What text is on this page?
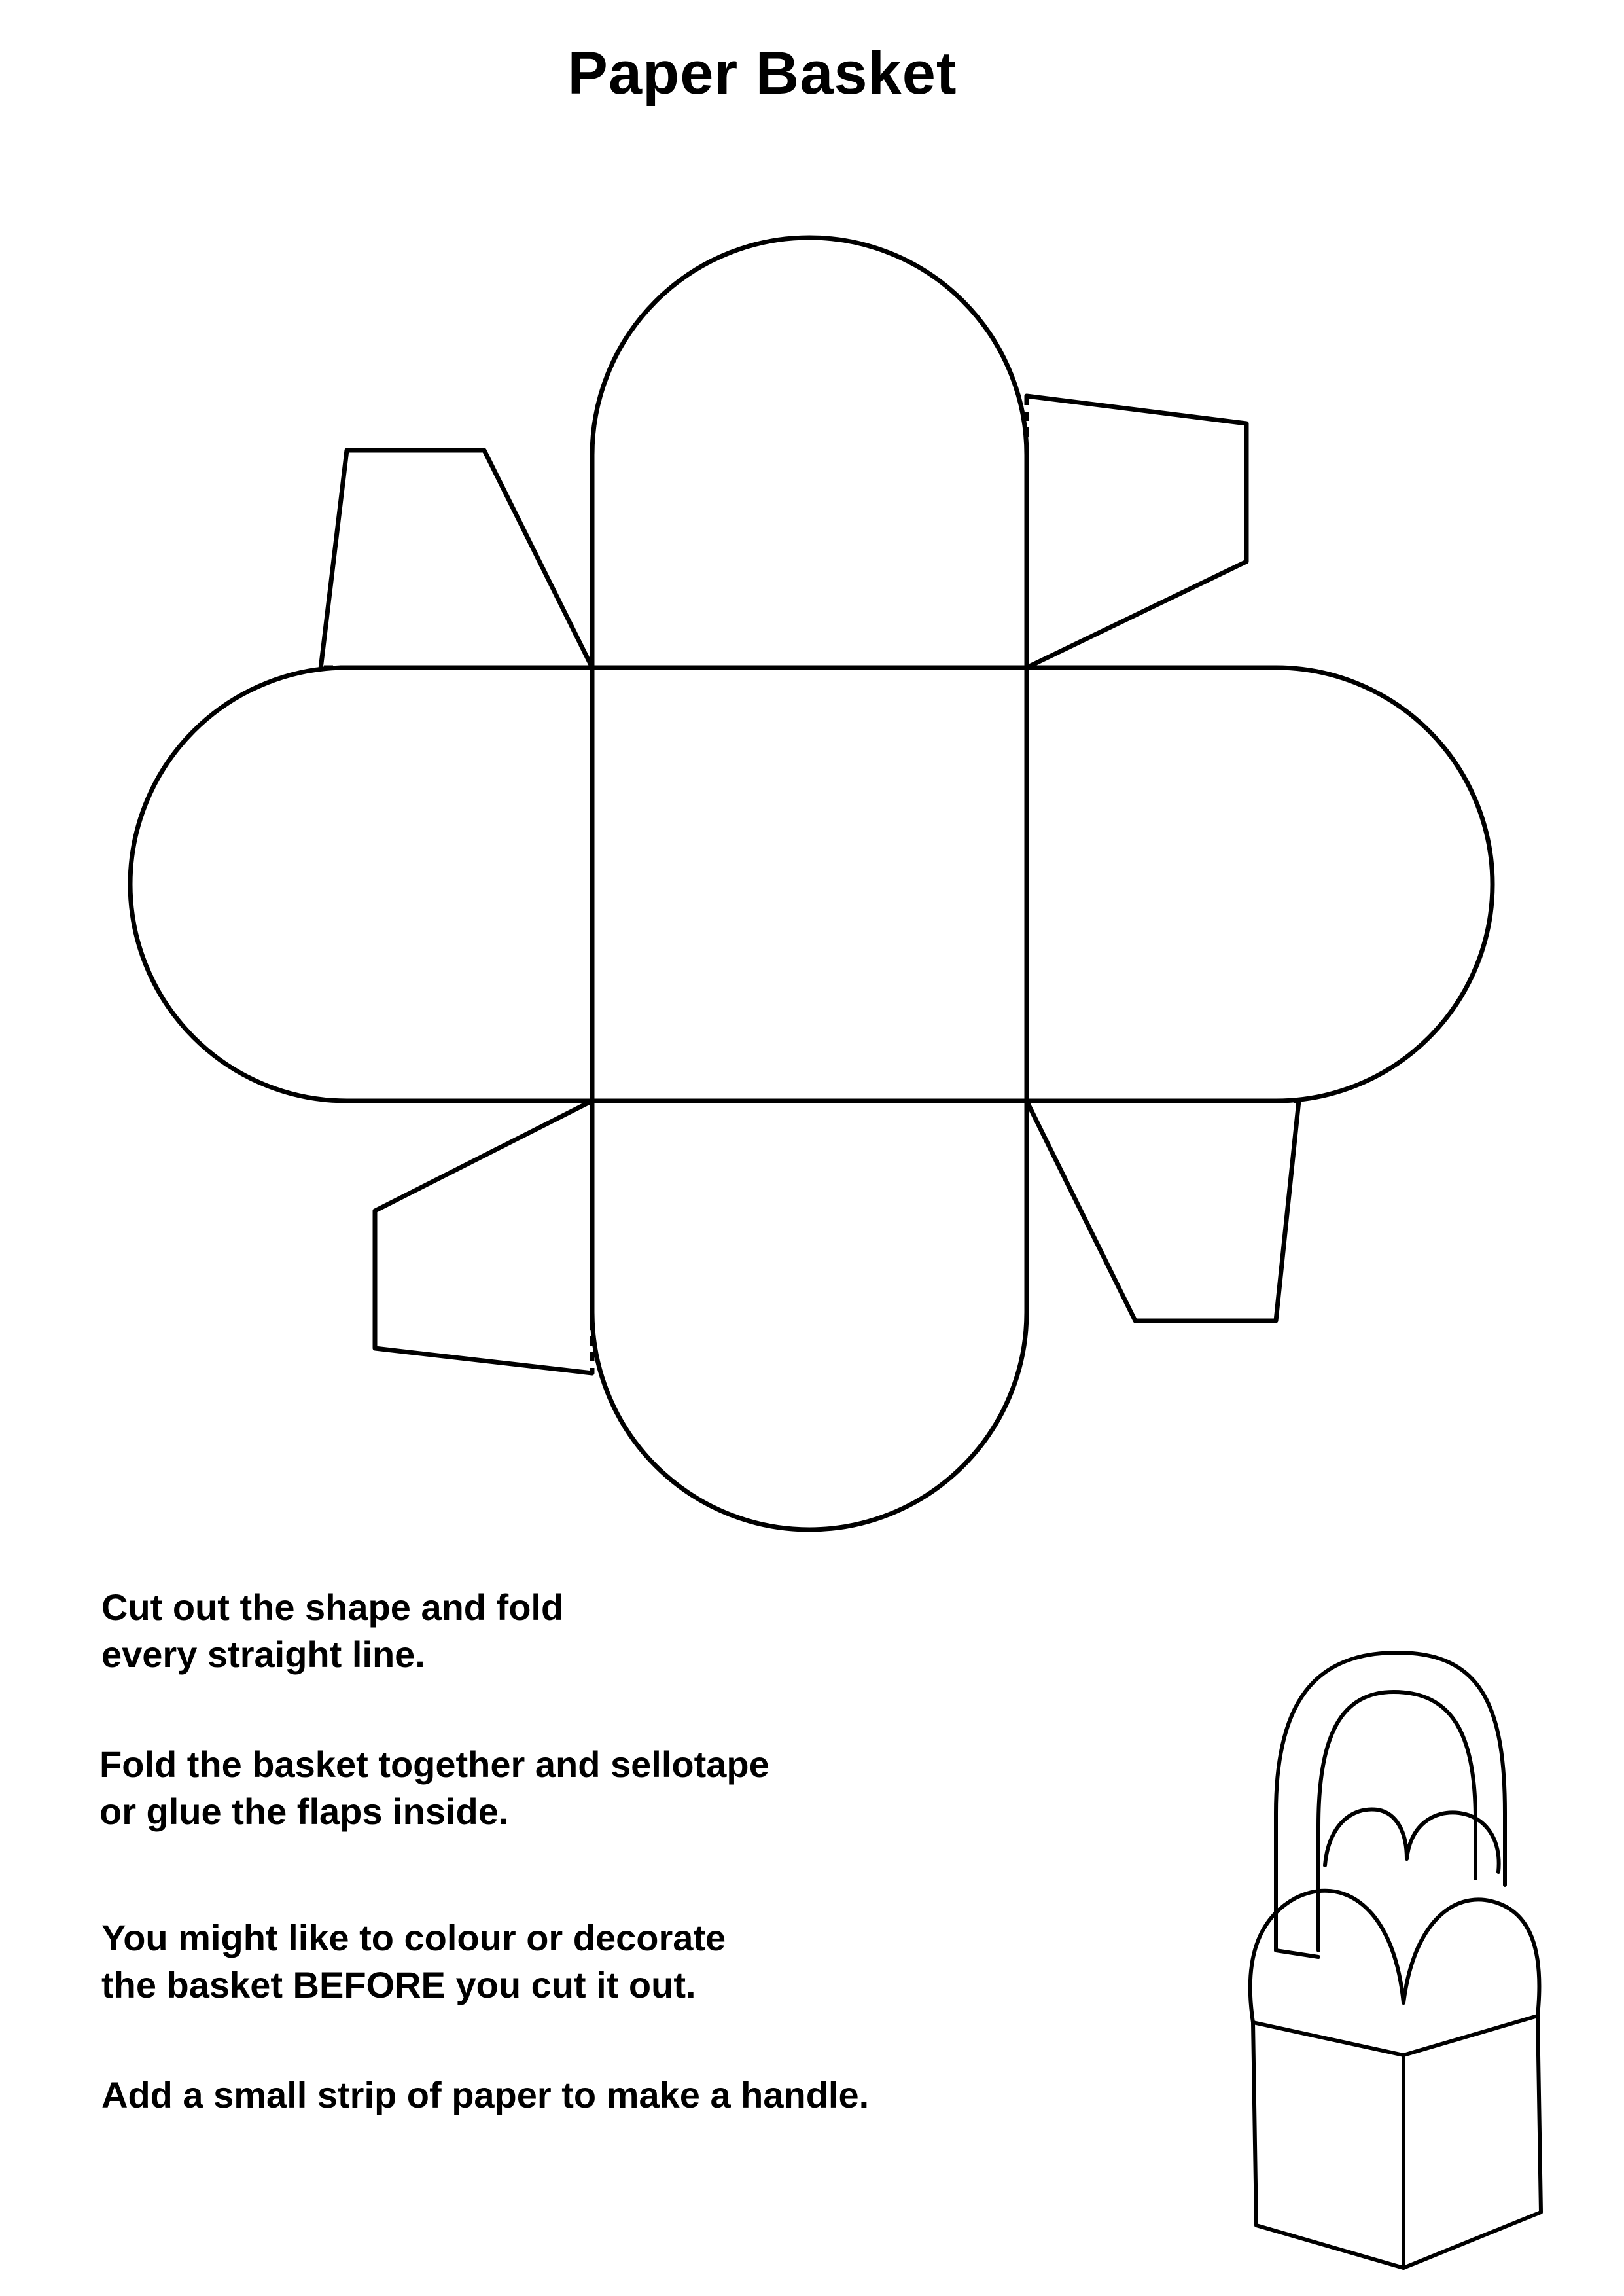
Paper Basket

Cut out the shape and fold
every straight line.

Fold the basket together and sellotape
or glue the flaps inside.

You might like to colour or decorate
the basket BEFORE you cut it out.

Add a small strip of paper to make a handle.
